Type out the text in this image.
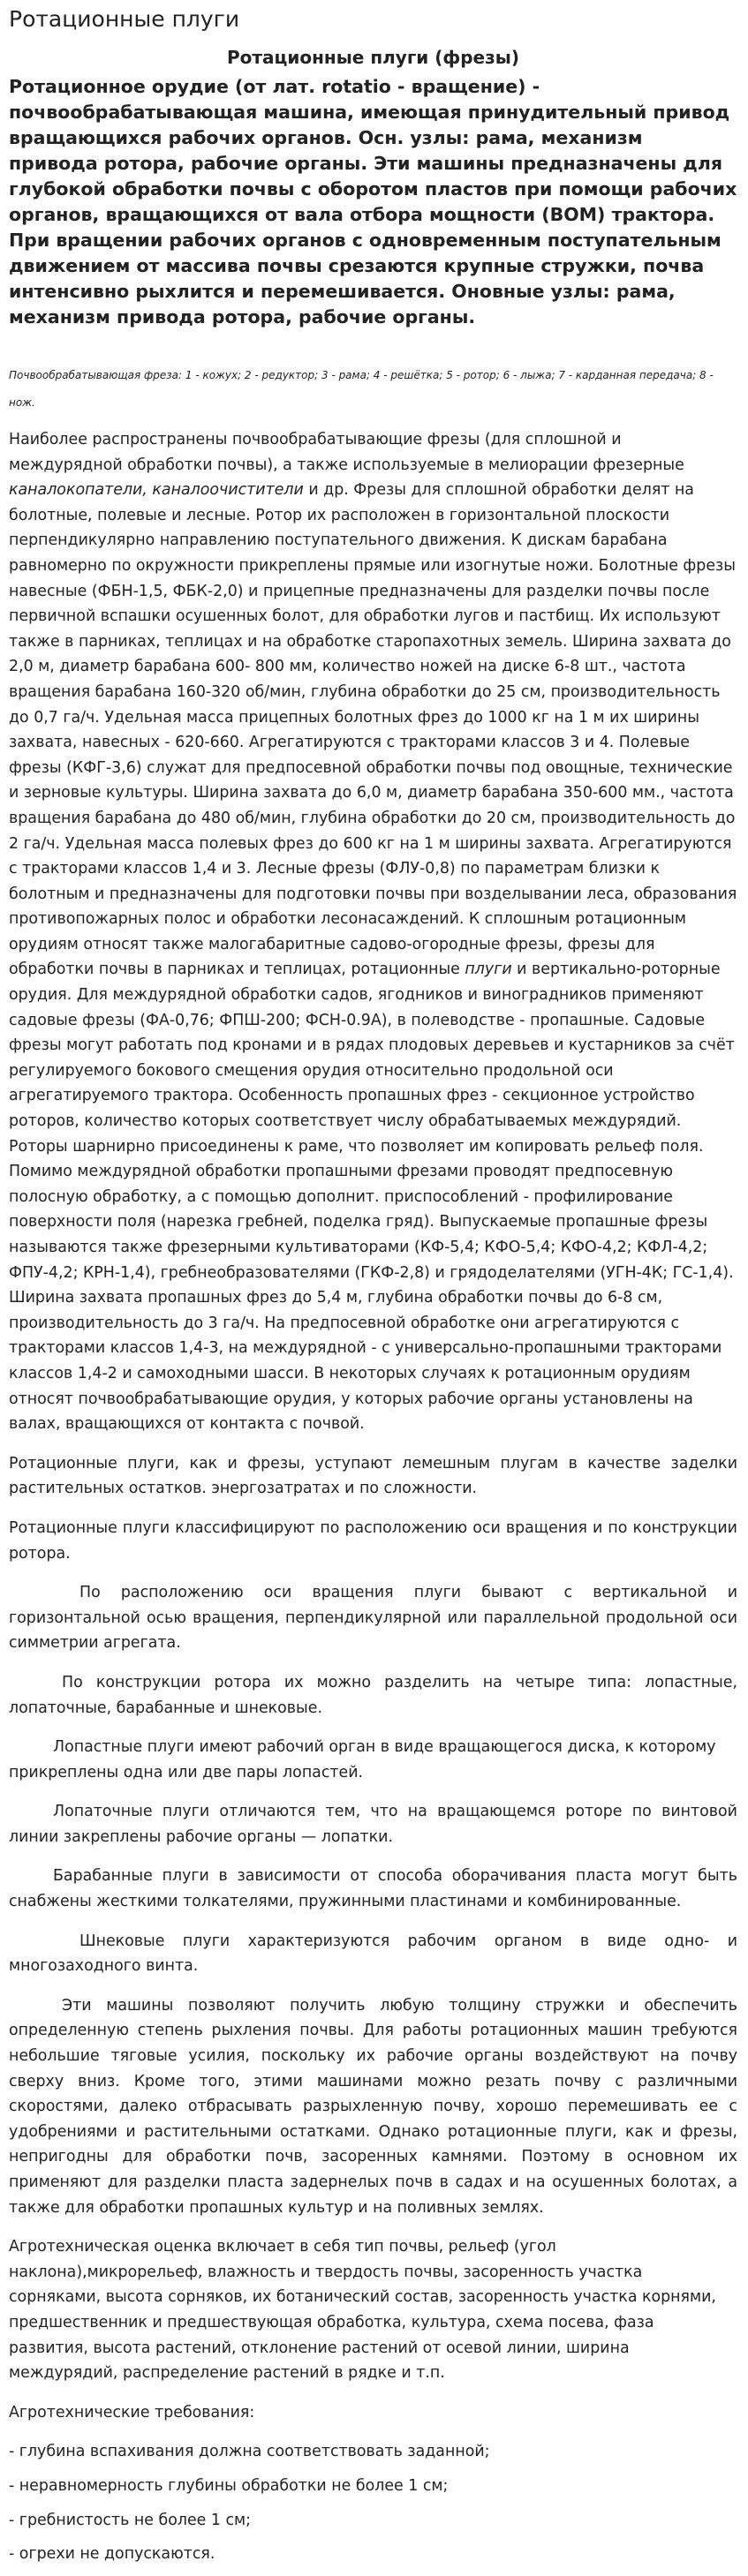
Ротационные плуги
Ротационные плуги (фрезы)

Ротационное орудие (от лат. rotatio - вращение) - почвообрабатывающая машина, имеющая принудительный привод вращающихся рабочих органов. Осн. узлы: рама, механизм привода ротора, рабочие органы. Эти машины предназначены для глубокой обработки почвы с оборотом пластов при помощи рабочих органов, вращающихся от вала отбора мощности (ВОМ) трактора. При вращении рабочих органов с одновременным поступательным движением от массива почвы срезаются крупные стружки, почва интенсивно рыхлится и перемешивается. Оновные узлы: рама, механизм привода ротора, рабочие органы.

Почвообрабатывающая фреза: 1 - кожух; 2 - редуктор; 3 - рама; 4 - решётка; 5 - ротор; 6 - лыжа; 7 - карданная передача; 8 - нож.

Наиболее распространены почвообрабатывающие фрезы (для сплошной и междурядной обработки почвы), а также используемые в мелиорации фрезерные каналокопатели, каналоочистители и др. Фрезы для сплошной обработки делят на болотные, полевые и лесные. Ротор их расположен в горизонтальной плоскости перпендикулярно направлению поступательного движения. К дискам барабана равномерно по окружности прикреплены прямые или изогнутые ножи. Болотные фрезы навесные (ФБН-1,5, ФБК-2,0) и прицепные предназначены для разделки почвы после первичной вспашки осушенных болот, для обработки лугов и пастбищ. Их используют также в парниках, теплицах и на обработке старопахотных земель. Ширина захвата до 2,0 м, диаметр барабана 600- 800 мм, количество ножей на диске 6-8 шт., частота вращения барабана 160-320 об/мин, глубина обработки до 25 см, производительность до 0,7 га/ч. Удельная масса прицепных болотных фрез до 1000 кг на 1 м их ширины захвата, навесных - 620-660. Агрегатируются с тракторами классов 3 и 4. Полевые фрезы (КФГ-3,6) служат для предпосевной обработки почвы под овощные, технические и зерновые культуры. Ширина захвата до 6,0 м, диаметр барабана 350-600 мм., частота вращения барабана до 480 об/мин, глубина обработки до 20 см, производительность до 2 га/ч. Удельная масса полевых фрез до 600 кг на 1 м ширины захвата. Агрегатируются с тракторами классов 1,4 и 3. Лесные фрезы (ФЛУ-0,8) по параметрам близки к болотным и предназначены для подготовки почвы при возделывании леса, образования противопожарных полос и обработки лесонасаждений. К сплошным ротационным орудиям относят также малогабаритные садово-огородные фрезы, фрезы для обработки почвы в парниках и теплицах, ротационные плуги и вертикально-роторные орудия. Для междурядной обработки садов, ягодников и виноградников применяют садовые фрезы (ФА-0,76; ФПШ-200; ФСН-0.9А), в полеводстве - пропашные. Садовые фрезы могут работать под кронами и в рядах плодовых деревьев и кустарников за счёт регулируемого бокового смещения орудия относительно продольной оси агрегатируемого трактора. Особенность пропашных фрез - секционное устройство роторов, количество которых соответствует числу обрабатываемых междурядий. Роторы шарнирно присоединены к раме, что позволяет им копировать рельеф поля. Помимо междурядной обработки пропашными фрезами проводят предпосевную полосную обработку, а с помощью дополнит. приспособлений - профилирование поверхности поля (нарезка гребней, поделка гряд). Выпускаемые пропашные фрезы называются также фрезерными культиваторами (КФ-5,4; КФО-5,4; КФО-4,2; КФЛ-4,2; ФПУ-4,2; КРН-1,4), гребнеобразователями (ГКФ-2,8) и грядоделателями (УГН-4К; ГС-1,4). Ширина захвата пропашных фрез до 5,4 м, глубина обработки почвы до 6-8 см, производительность до 3 га/ч. На предпосевной обработке они агрегатируются с тракторами классов 1,4-3, на междурядной - с универсально-пропашными тракторами классов 1,4-2 и самоходными шасси. В некоторых случаях к ротационным орудиям относят почвообрабатывающие орудия, у которых рабочие органы установлены на валах, вращающихся от контакта с почвой.

Ротационные плуги, как и фрезы, уступают лемешным плугам в качестве заделки растительных остатков. энергозатратах и по сложности.

Ротационные плуги классифицируют по расположению оси вращения и по конструкции ротора.

По расположению оси вращения плуги бывают с вертикальной и горизонтальной осью вращения, перпендикулярной или параллельной продольной оси симметрии агрегата.

По конструкции ротора их можно разделить на четыре типа: лопастные, лопаточные, барабанные и шнековые.

Лопастные плуги имеют рабочий орган в виде вращающегося диска, к которому прикреплены одна или две пары лопастей.

Лопаточные плуги отличаются тем, что на вращающемся роторе по винтовой линии закреплены рабочие органы — лопатки.

Барабанные плуги в зависимости от способа оборачивания пласта могут быть снабжены жесткими толкателями, пружинными пластинами и комбинированные.

Шнековые плуги характеризуются рабочим органом в виде одно- и многозаходного винта.

Эти машины позволяют получить любую толщину стружки и обеспечить определенную степень рыхления почвы. Для работы ротационных машин требуются небольшие тяговые усилия, поскольку их рабочие органы воздействуют на почву сверху вниз. Кроме того, этими машинами можно резать почву с различными скоростями, далеко отбрасывать разрыхленную почву, хорошо перемешивать ее с удобрениями и растительными остатками. Однако ротационные плуги, как и фрезы, непригодны для обработки почв, засоренных камнями. Поэтому в основном их применяют для разделки пласта задернелых почв в садах и на осушенных болотах, а также для обработки пропашных культур и на поливных землях.

Агротехническая оценка включает в себя тип почвы, рельеф (угол наклона),микрорельеф, влажность и твердость почвы, засоренность участка сорняками, высота сорняков, их ботанический состав, засоренность участка корнями, предшественник и предшествующая обработка, культура, схема посева, фаза развития, высота растений, отклонение растений от осевой линии, ширина междурядий, распределение растений в рядке и т.п.

Агротехнические требования:

- глубина вспахивания должна соответствовать заданной;
- неравномерность глубины обработки не более 1 см;
- гребнистость не более 1 см;
- огрехи не допускаются.
